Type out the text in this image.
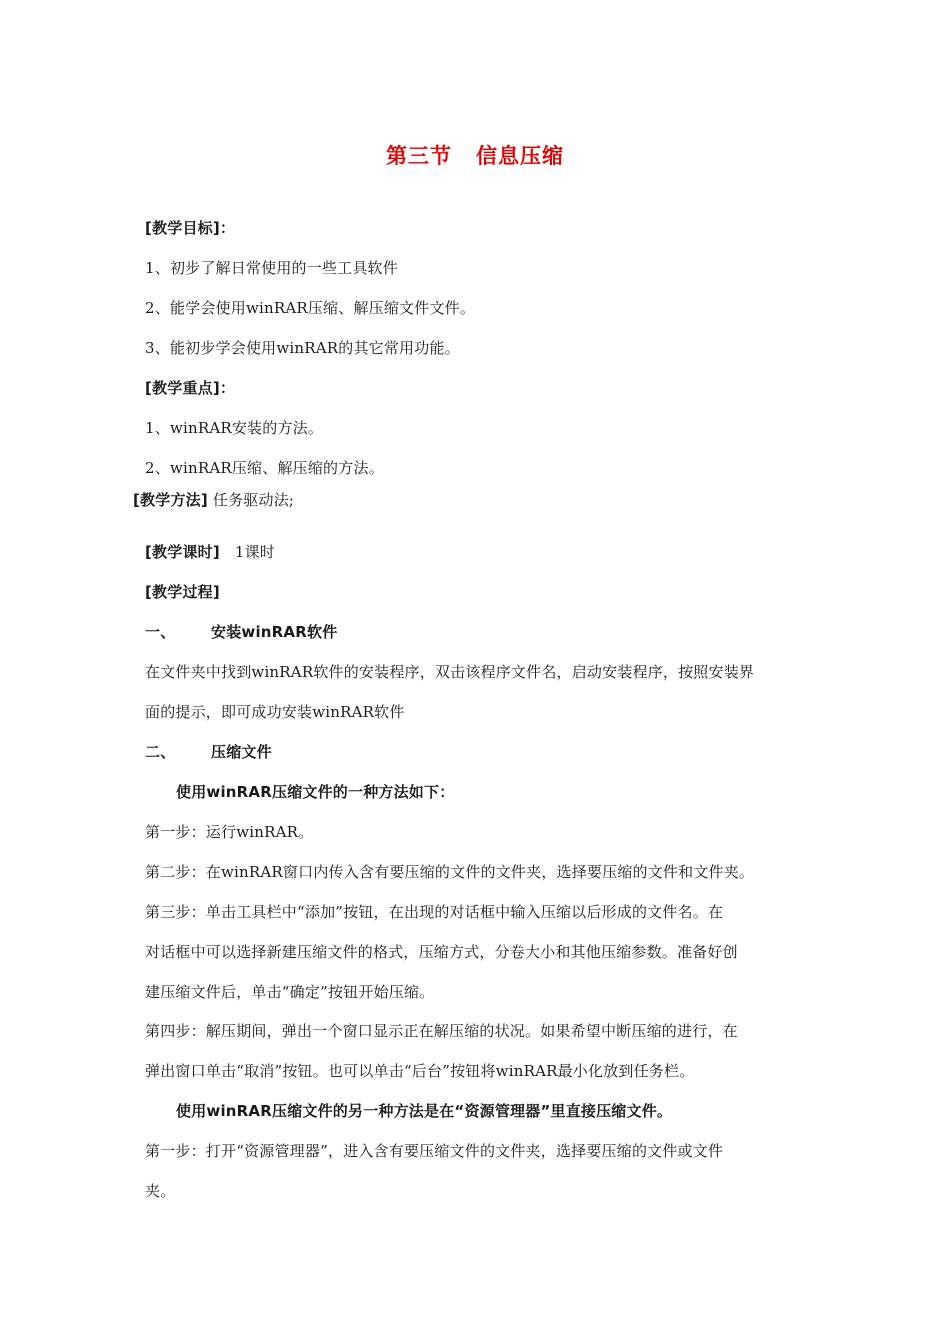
第三节 信息压缩
[教学目标]：
1、初步了解日常使用的一些工具软件
2、能学会使用winRAR压缩、解压缩文件文件。
3、能初步学会使用winRAR的其它常用功能。
[教学重点]：
1、winRAR安装的方法。
2、winRAR压缩、解压缩的方法。
[教学方法] 任务驱动法;
[教学课时] 1课时
[教学过程]
一、 安装winRAR软件
在文件夹中找到winRAR软件的安装程序，双击该程序文件名，启动安装程序，按照安装界
面的提示，即可成功安装winRAR软件
二、 压缩文件
使用winRAR压缩文件的一种方法如下：
第一步：运行winRAR。
第二步：在winRAR窗口内传入含有要压缩的文件的文件夹，选择要压缩的文件和文件夹。
第三步：单击工具栏中“添加”按钮，在出现的对话框中输入压缩以后形成的文件名。在
对话框中可以选择新建压缩文件的格式，压缩方式，分卷大小和其他压缩参数。准备好创
建压缩文件后，单击“确定”按钮开始压缩。
第四步：解压期间，弹出一个窗口显示正在解压缩的状况。如果希望中断压缩的进行，在
弹出窗口单击“取消”按钮。也可以单击“后台”按钮将winRAR最小化放到任务栏。
使用winRAR压缩文件的另一种方法是在“资源管理器”里直接压缩文件。
第一步：打开“资源管理器”，进入含有要压缩文件的文件夹，选择要压缩的文件或文件
夹。
